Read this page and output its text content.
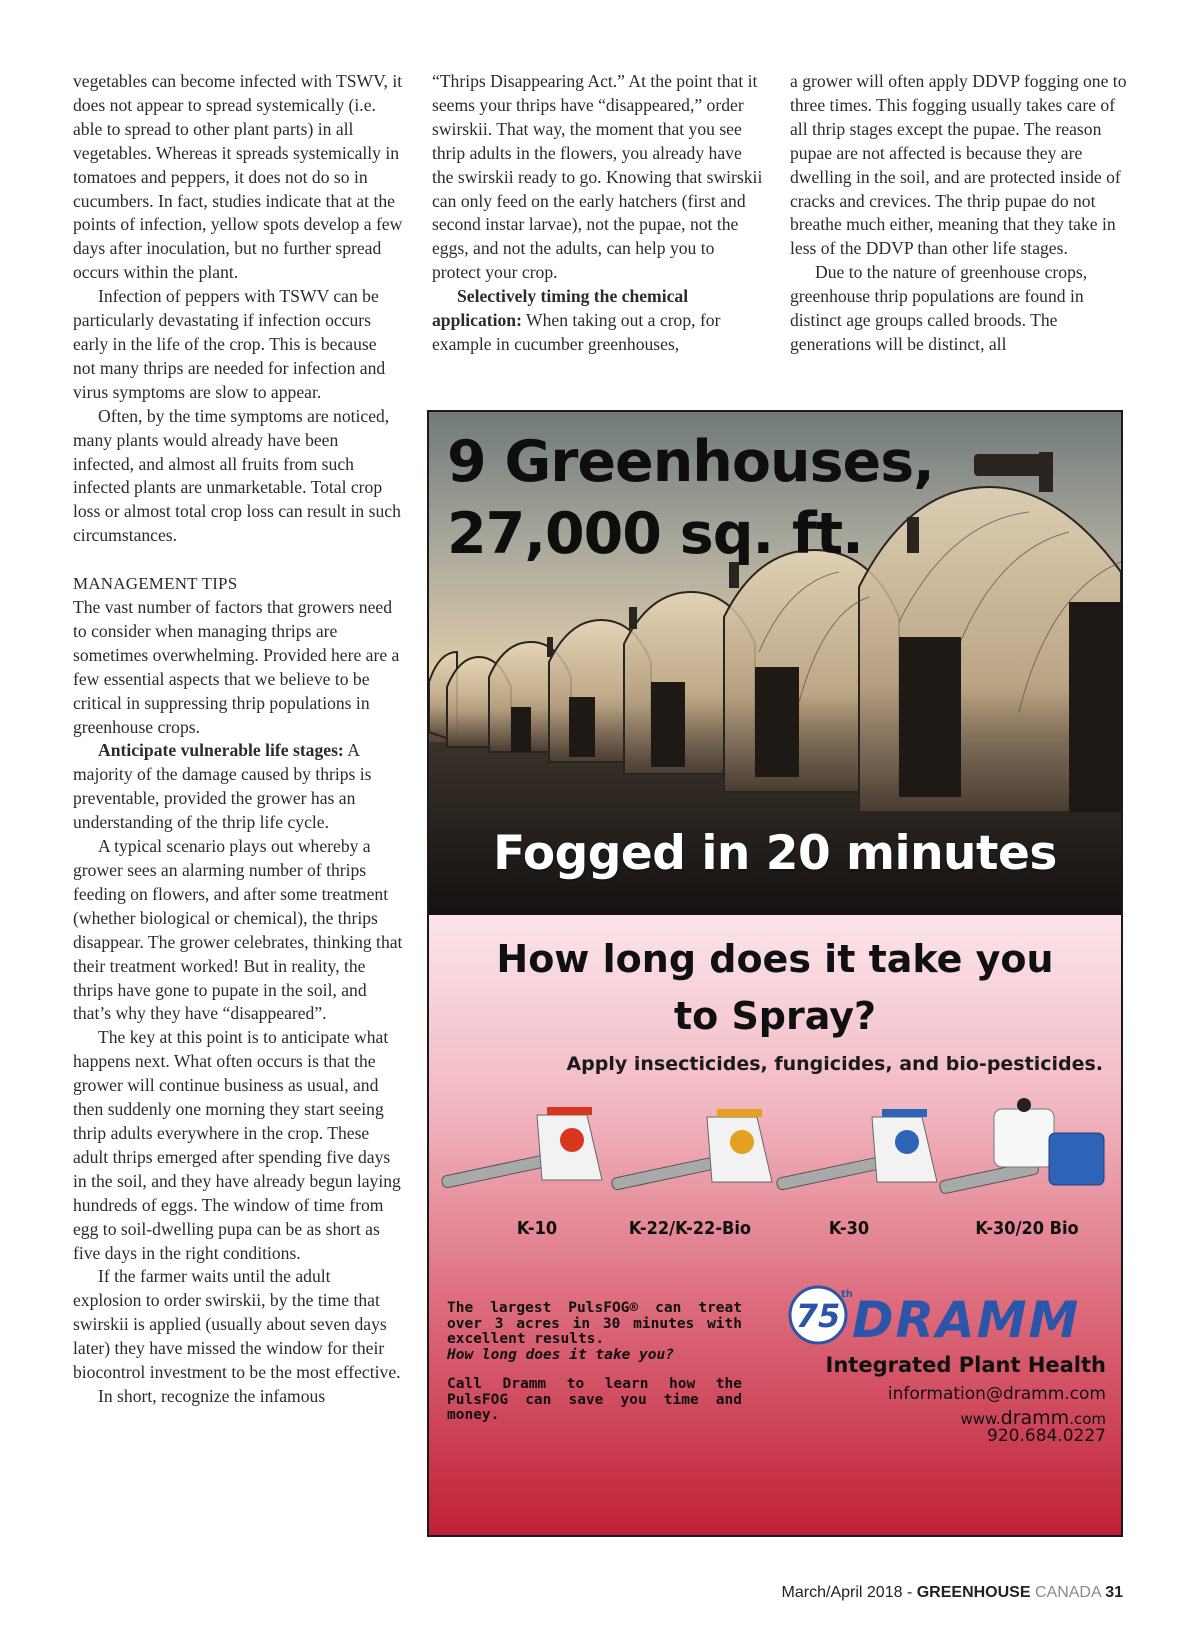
vegetables can become infected with TSWV, it does not appear to spread systemically (i.e. able to spread to other plant parts) in all vegetables. Whereas it spreads systemically in tomatoes and peppers, it does not do so in cucumbers. In fact, studies indicate that at the points of infection, yellow spots develop a few days after inoculation, but no further spread occurs within the plant.

Infection of peppers with TSWV can be particularly devastating if infection occurs early in the life of the crop. This is because not many thrips are needed for infection and virus symptoms are slow to appear.

Often, by the time symptoms are noticed, many plants would already have been infected, and almost all fruits from such infected plants are unmarketable. Total crop loss or almost total crop loss can result in such circumstances.

MANAGEMENT TIPS

The vast number of factors that growers need to consider when managing thrips are sometimes overwhelming. Provided here are a few essential aspects that we believe to be critical in suppressing thrip populations in greenhouse crops.

Anticipate vulnerable life stages: A majority of the damage caused by thrips is preventable, provided the grower has an understanding of the thrip life cycle.

A typical scenario plays out whereby a grower sees an alarming number of thrips feeding on flowers, and after some treatment (whether biological or chemical), the thrips disappear. The grower celebrates, thinking that their treatment worked! But in reality, the thrips have gone to pupate in the soil, and that’s why they have “disappeared”.

The key at this point is to anticipate what happens next. What often occurs is that the grower will continue business as usual, and then suddenly one morning they start seeing thrip adults everywhere in the crop. These adult thrips emerged after spending five days in the soil, and they have already begun laying hundreds of eggs. The window of time from egg to soil-dwelling pupa can be as short as five days in the right conditions.

If the farmer waits until the adult explosion to order swirskii, by the time that swirskii is applied (usually about seven days later) they have missed the window for their biocontrol investment to be the most effective.

In short, recognize the infamous

“Thrips Disappearing Act.” At the point that it seems your thrips have “disappeared,” order swirskii. That way, the moment that you see thrip adults in the flowers, you already have the swirskii ready to go. Knowing that swirskii can only feed on the early hatchers (first and second instar larvae), not the pupae, not the eggs, and not the adults, can help you to protect your crop.

Selectively timing the chemical application: When taking out a crop, for example in cucumber greenhouses,

a grower will often apply DDVP fogging one to three times. This fogging usually takes care of all thrip stages except the pupae. The reason pupae are not affected is because they are dwelling in the soil, and are protected inside of cracks and crevices. The thrip pupae do not breathe much either, meaning that they take in less of the DDVP than other life stages.

Due to the nature of greenhouse crops, greenhouse thrip populations are found in distinct age groups called broods. The generations will be distinct, all

9 Greenhouses,
27,000 sq. ft.
Fogged in 20 minutes
How long does it take you
to Spray?
Apply insecticides, fungicides, and bio-pesticides.
K-10	K-22/K-22-Bio	K-30	K-30/20 Bio

The largest PulsFOG® can treat over 3 acres in 30 minutes with excellent results.
How long does it take you?

Call Dramm to learn how the PulsFOG can save you time and money.

75
th DRAMM
Integrated Plant Health
information@dramm.com
www.dramm.com
920.684.0227
March/April 2018 - GREENHOUSE CANADA 31
